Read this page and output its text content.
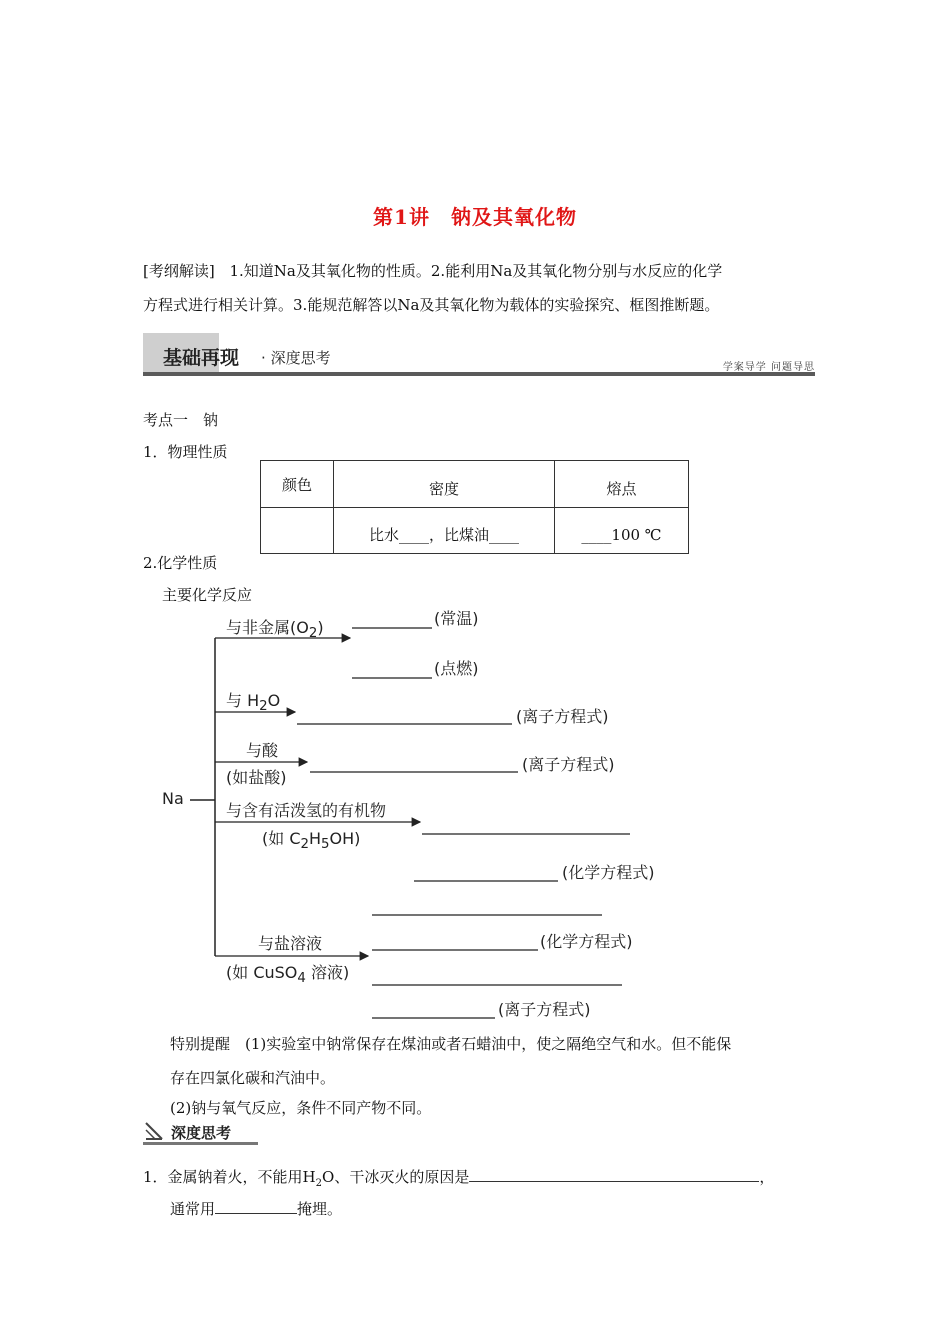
第1讲　钠及其氧化物
[考纲解读] 1.知道Na及其氧化物的性质。2.能利用Na及其氧化物分别与水反应的化学
方程式进行相关计算。3.能规范解答以Na及其氧化物为载体的实验探究、框图推断题。
基础再现 · 深度思考
学案导学 问题导思
考点一　钠
1．物理性质
颜色	密度	熔点
	比水____，比煤油____	____100 ℃
2.化学性质
主要化学反应
Na
与非金属$(O_2)$	(常温)
(点燃)
与 $H_2O$
(离子方程式)
与酸
(如盐酸)
(离子方程式)
与含有活泼氢的有机物
(如 $C_2H_5OH$)
(化学方程式)
与盐溶液
(如 CuSO$_4$ 溶液)
(化学方程式)
(离子方程式)
特别提醒　(1)实验室中钠常保存在煤油或者石蜡油中，使之隔绝空气和水。但不能保
存在四氯化碳和汽油中。
(2)钠与氧气反应，条件不同产物不同。
深度思考
1．金属钠着火，不能用$H_2O$、干冰灭火的原因是	，
通常用	掩埋。
